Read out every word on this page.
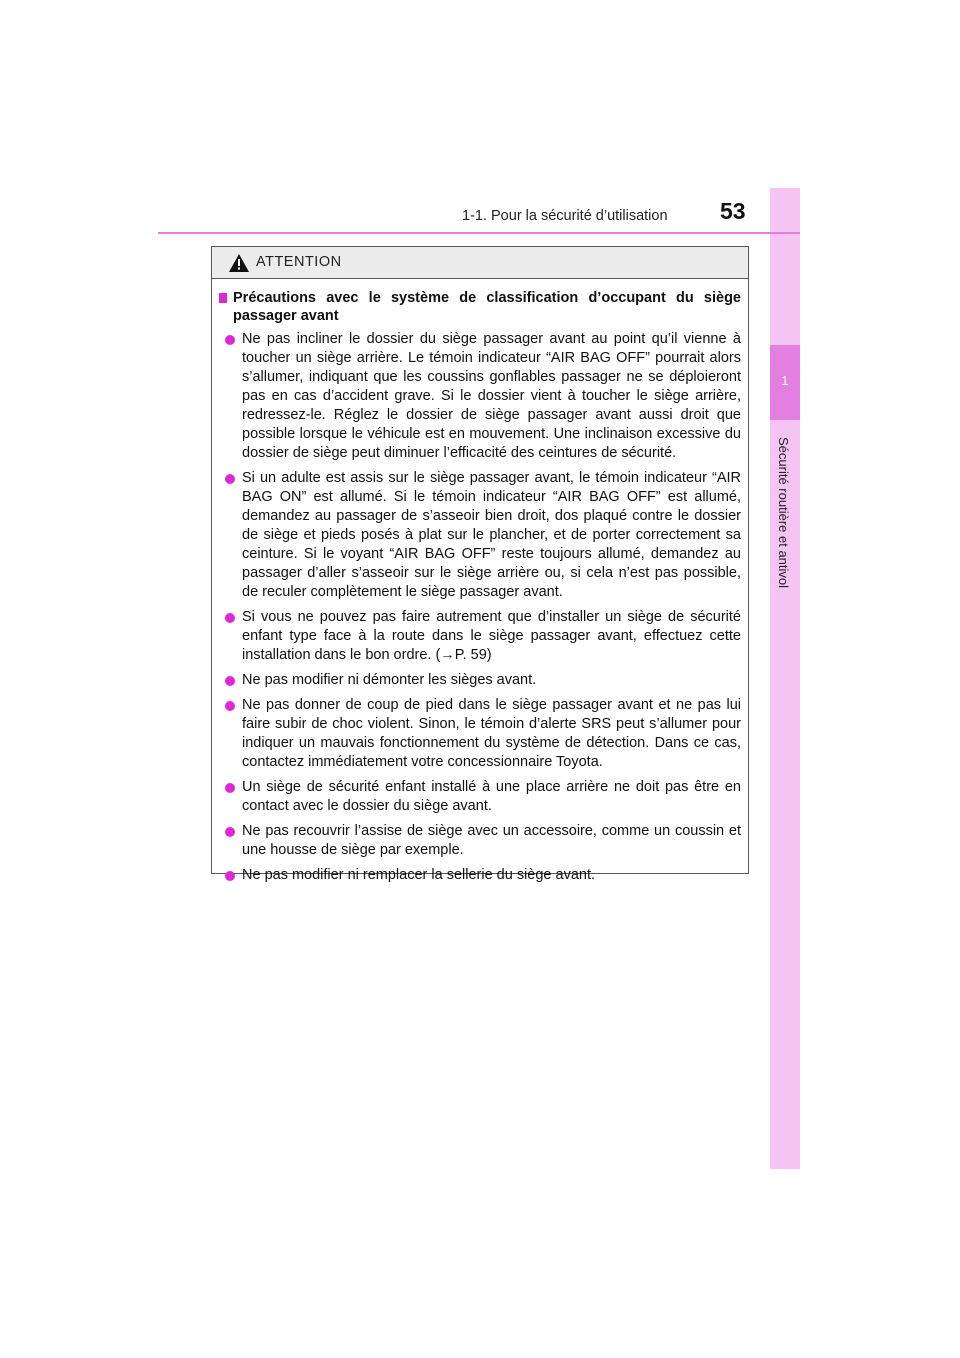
1
Sécurité routière et antivol
1-1. Pour la sécurité d’utilisation 53
ATTENTION
Précautions avec le système de classification d’occupant du siège passager avant
Ne pas incliner le dossier du siège passager avant au point qu’il vienne à toucher un siège arrière. Le témoin indicateur “AIR BAG OFF” pourrait alors s’allumer, indiquant que les coussins gonflables passager ne se déploieront pas en cas d’accident grave. Si le dossier vient à toucher le siège arrière, redressez-le. Réglez le dossier de siège passager avant aussi droit que possible lorsque le véhicule est en mouvement. Une inclinaison excessive du dossier de siège peut diminuer l’efficacité des ceintures de sécurité.
Si un adulte est assis sur le siège passager avant, le témoin indicateur “AIR BAG ON” est allumé. Si le témoin indicateur “AIR BAG OFF” est allumé, demandez au passager de s’asseoir bien droit, dos plaqué contre le dossier de siège et pieds posés à plat sur le plancher, et de porter correctement sa ceinture. Si le voyant “AIR BAG OFF” reste toujours allumé, demandez au passager d’aller s’asseoir sur le siège arrière ou, si cela n’est pas possible, de reculer complètement le siège passager avant.
Si vous ne pouvez pas faire autrement que d’installer un siège de sécurité enfant type face à la route dans le siège passager avant, effectuez cette installation dans le bon ordre. (→P. 59)
Ne pas modifier ni démonter les sièges avant.
Ne pas donner de coup de pied dans le siège passager avant et ne pas lui faire subir de choc violent. Sinon, le témoin d’alerte SRS peut s’allumer pour indiquer un mauvais fonctionnement du système de détection. Dans ce cas, contactez immédiatement votre concessionnaire Toyota.
Un siège de sécurité enfant installé à une place arrière ne doit pas être en contact avec le dossier du siège avant.
Ne pas recouvrir l’assise de siège avec un accessoire, comme un coussin et une housse de siège par exemple.
Ne pas modifier ni remplacer la sellerie du siège avant.
